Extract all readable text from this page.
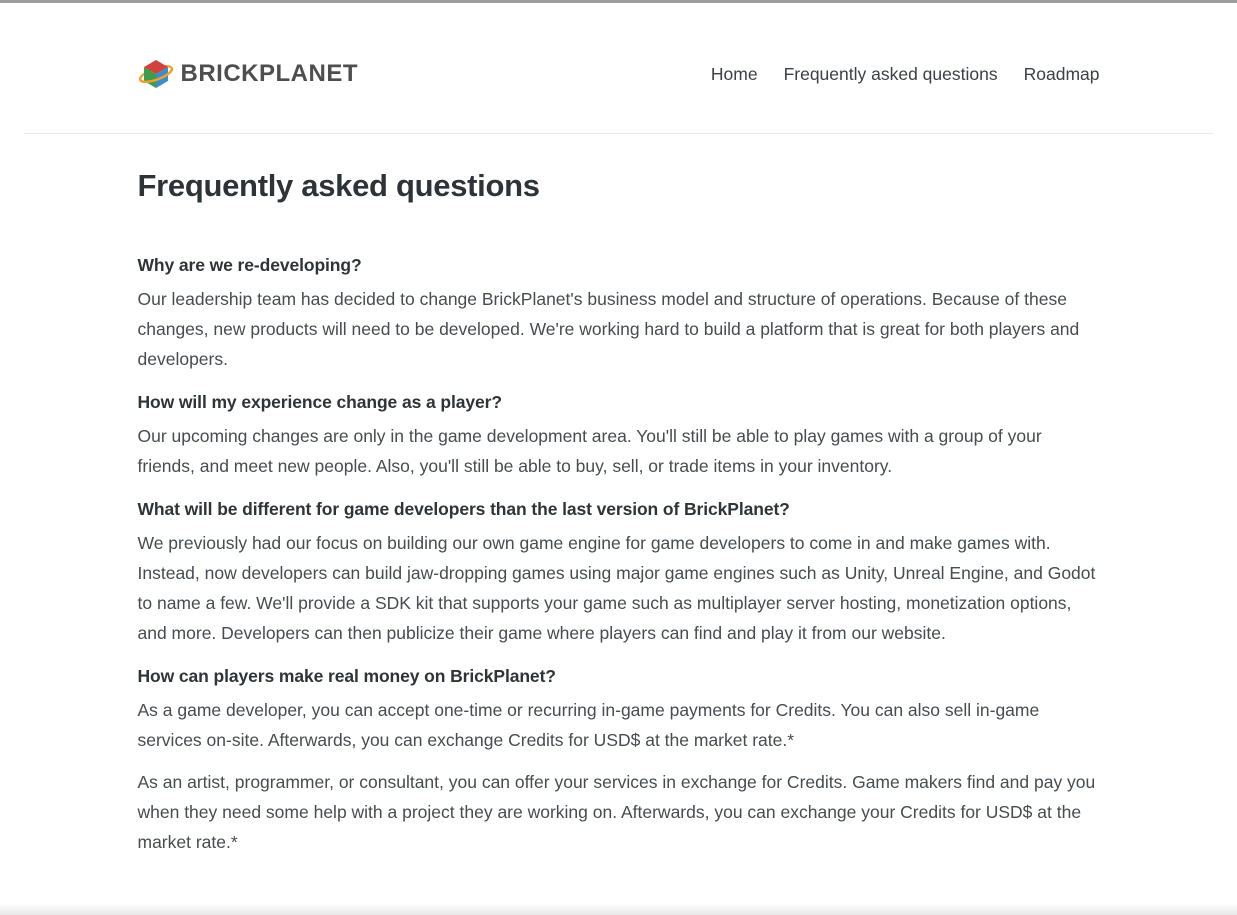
BRICKPLANET	Home Frequently asked questions Roadmap
Frequently asked questions
Why are we re-developing?

Our leadership team has decided to change BrickPlanet's business model and structure of operations. Because of these changes, new products will need to be developed. We're working hard to build a platform that is great for both players and developers.

How will my experience change as a player?

Our upcoming changes are only in the game development area. You'll still be able to play games with a group of your friends, and meet new people. Also, you'll still be able to buy, sell, or trade items in your inventory.

What will be different for game developers than the last version of BrickPlanet?

We previously had our focus on building our own game engine for game developers to come in and make games with. Instead, now developers can build jaw-dropping games using major game engines such as Unity, Unreal Engine, and Godot to name a few. We'll provide a SDK kit that supports your game such as multiplayer server hosting, monetization options, and more. Developers can then publicize their game where players can find and play it from our website.

How can players make real money on BrickPlanet?

As a game developer, you can accept one-time or recurring in-game payments for Credits. You can also sell in-game services on-site. Afterwards, you can exchange Credits for USD$ at the market rate.*

As an artist, programmer, or consultant, you can offer your services in exchange for Credits. Game makers find and pay you when they need some help with a project they are working on. Afterwards, you can exchange your Credits for USD$ at the market rate.*
